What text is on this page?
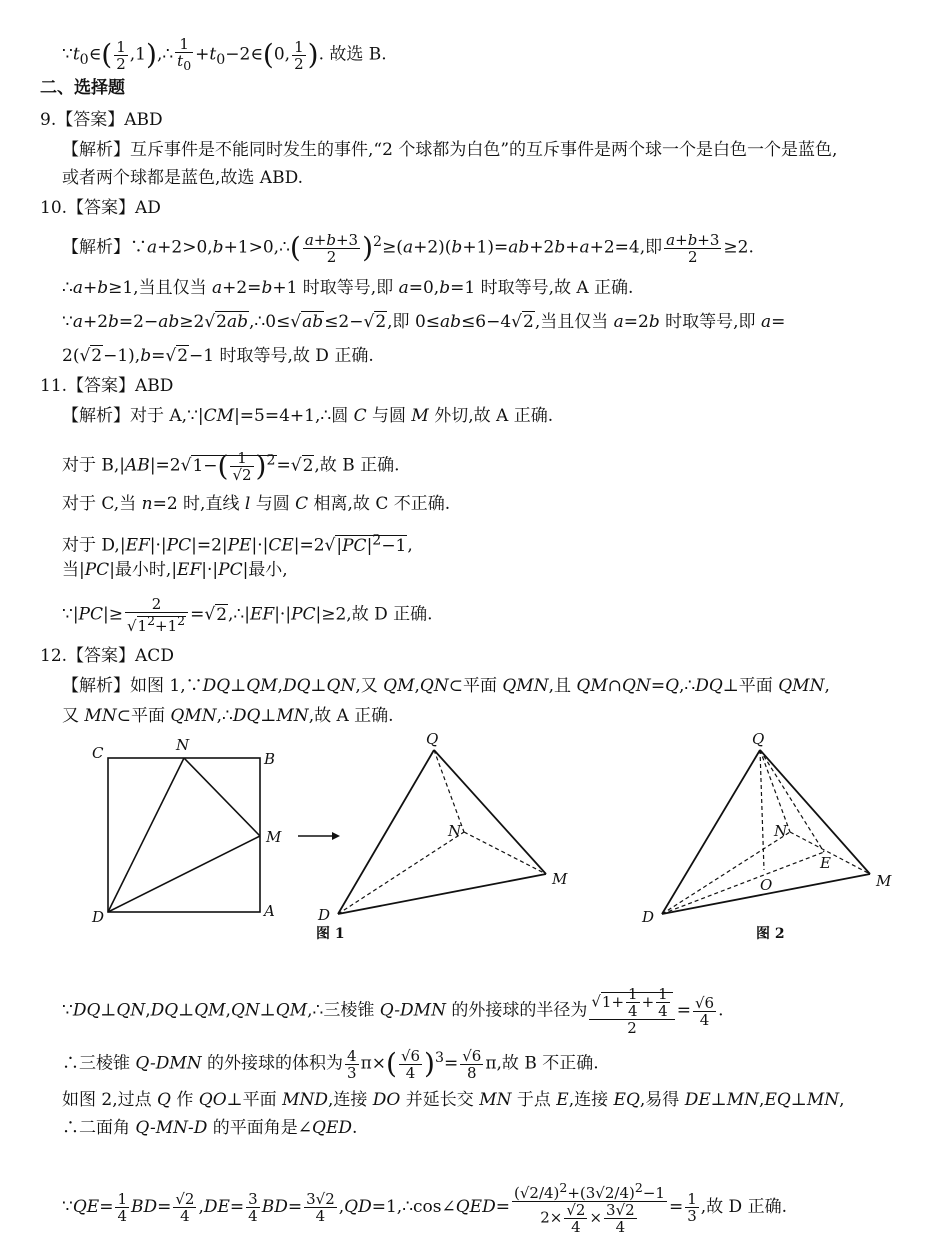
$\because t_0\in( \frac{1}{2}$ ,1),∴ $\frac{1}{t_0}$ $+t_0-2\in(0$, $\frac{1}{2}$ ). 故选 B.
二、选择题
9.【答案】ABD
【解析】互斥事件是不能同时发生的事件,“2 个球都为白色”的互斥事件是两个球一个是白色一个是蓝色,
或者两个球都是蓝色,故选 ABD.
10.【答案】AD
【解析】∵a+2>0,b+1>0,∴( $\frac{a+b+3}{2} )^2\ge(a+2)(b+1)=ab+2b+a+2=4$,即 $\frac{a+b+3}{2} \ge 2$.
∴a+b≥1,当且仅当 a+2=b+1 时取等号,即 a=0,b=1 时取等号,故 A 正确.
∵a+2b=2−ab≥2√2ab,∴0≤√ab≤2−√2,即 0≤ab≤6−4√2,当且仅当 a=2b 时取等号,即 a=
2(√2−1),b=√2−1 时取等号,故 D 正确.
11.【答案】ABD
【解析】对于 A,∵|CM|=5=4+1,∴圆 C 与圆 M 外切,故 A 正确.
对于 $B,|AB|=2√1-( \frac{1}{√2} )^2=√2$,故 B 正确.
对于 C,当 n=2 时,直线 l 与圆 C 相离,故 C 不正确.
对于 $D,|EF|\cdot|PC|=2|PE|\cdot|CE|=2√|PC|^2-1$,
当|PC|最小时,|EF|·|PC|最小,
∵|PC|≥ $\frac{2}{√1^2+1^2}$ =√2,∴|EF|·|PC|≥2,故 D 正确.
12.【答案】ACD
【解析】如图 1,∵DQ⊥QM,DQ⊥QN,又 QM,QN⊂平面 QMN,且 QM∩QN=Q,∴DQ⊥平面 QMN,
又 MN⊂平面 QMN,∴DQ⊥MN,故 A 正确.
C	N
B
M
D	A
Q
N
M
D
图 1
Q
N
E
O	M
D
图 2
∵DQ⊥QN,DQ⊥QM,QN⊥QM,∴三棱锥 Q-DMN 的外接球的半径为 $\frac{√1+ \frac{1}{4} + \frac{1}{4}}{2} = \frac{√6}{4}$ .
∴三棱锥 Q-DMN 的外接球的体积为 $\frac{4}{3} \pi\times( \frac{√6}{4} )^3= \frac{√6}{8} \pi$,故 B 不正确.
如图 2,过点 Q 作 QO⊥平面 MND,连接 DO 并延长交 MN 于点 E,连接 EQ,易得 DE⊥MN,EQ⊥MN,
∴二面角 Q-MN-D 的平面角是∠QED.
∵QE= $\frac{1}{4} BD= \frac{√2}{4} ,DE= \frac{3}{4} BD= \frac{3√2}{4}$ ,QD=1,∴cos∠QED= $\frac{(√2/4)^2+(3√2/4)^2-1}{2\times \frac{√2}{4} \times \frac{3√2}{4}} = \frac{1}{3}$ ,故 D 正确.
